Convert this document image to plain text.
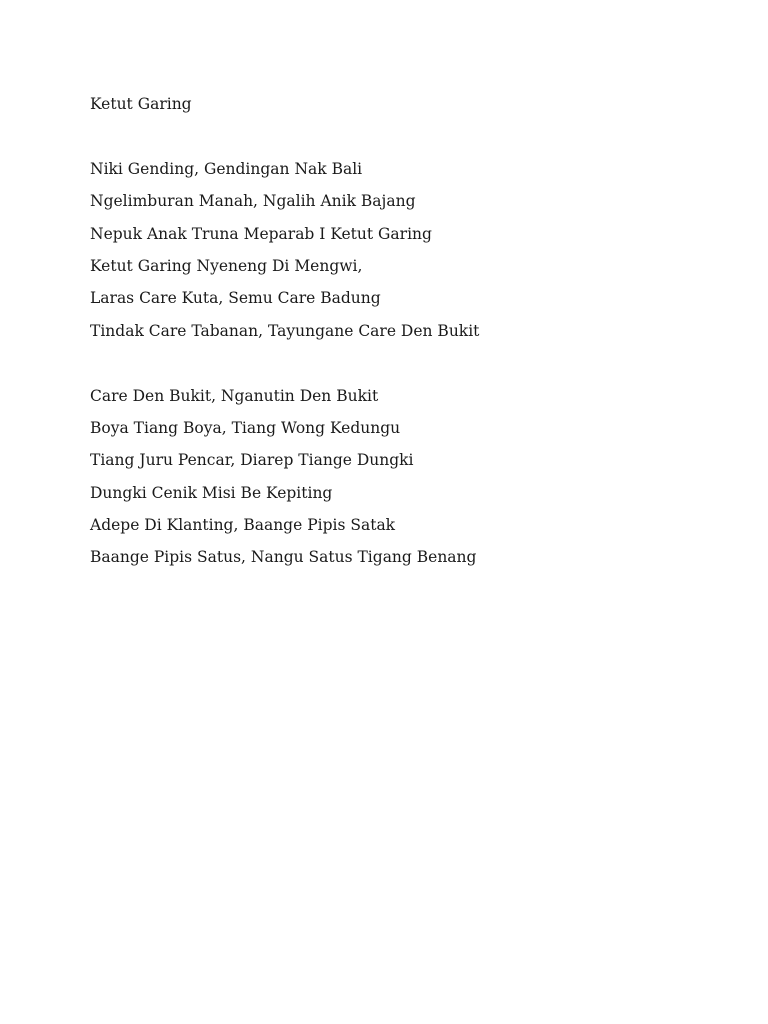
Ketut Garing
Niki Gending, Gendingan Nak Bali
Ngelimburan Manah, Ngalih Anik Bajang
Nepuk Anak Truna Meparab I Ketut Garing
Ketut Garing Nyeneng Di Mengwi,
Laras Care Kuta, Semu Care Badung
Tindak Care Tabanan, Tayungane Care Den Bukit
Care Den Bukit, Nganutin Den Bukit
Boya Tiang Boya, Tiang Wong Kedungu
Tiang Juru Pencar, Diarep Tiange Dungki
Dungki Cenik Misi Be Kepiting
Adepe Di Klanting, Baange Pipis Satak
Baange Pipis Satus, Nangu Satus Tigang Benang
